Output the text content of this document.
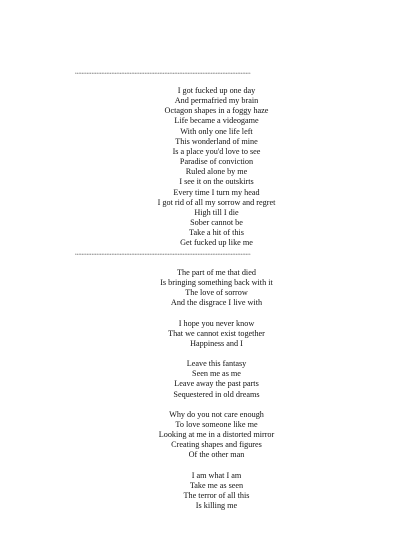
**********************************************************************************************************
I got fucked up one day
And permafried my brain
Octagon shapes in a foggy haze
Life became a videogame
With only one life left
This wonderland of mine
Is a place you'd love to see
Paradise of conviction
Ruled alone by me
I see it on the outskirts
Every time I turn my head
I got rid of all my sorrow and regret
High till I die
Sober cannot be
Take a hit of this
Get fucked up like me
**********************************************************************************************************
The part of me that died
Is bringing something back with it
The love of sorrow
And the disgrace I live with
I hope you never know
That we cannot exist together
Happiness and I
Leave this fantasy
Seen me as me
Leave away the past parts
Sequestered in old dreams
Why do you not care enough
To love someone like me
Looking at me in a distorted mirror
Creating shapes and figures
Of the other man
I am what I am
Take me as seen
The terror of all this
Is killing me
